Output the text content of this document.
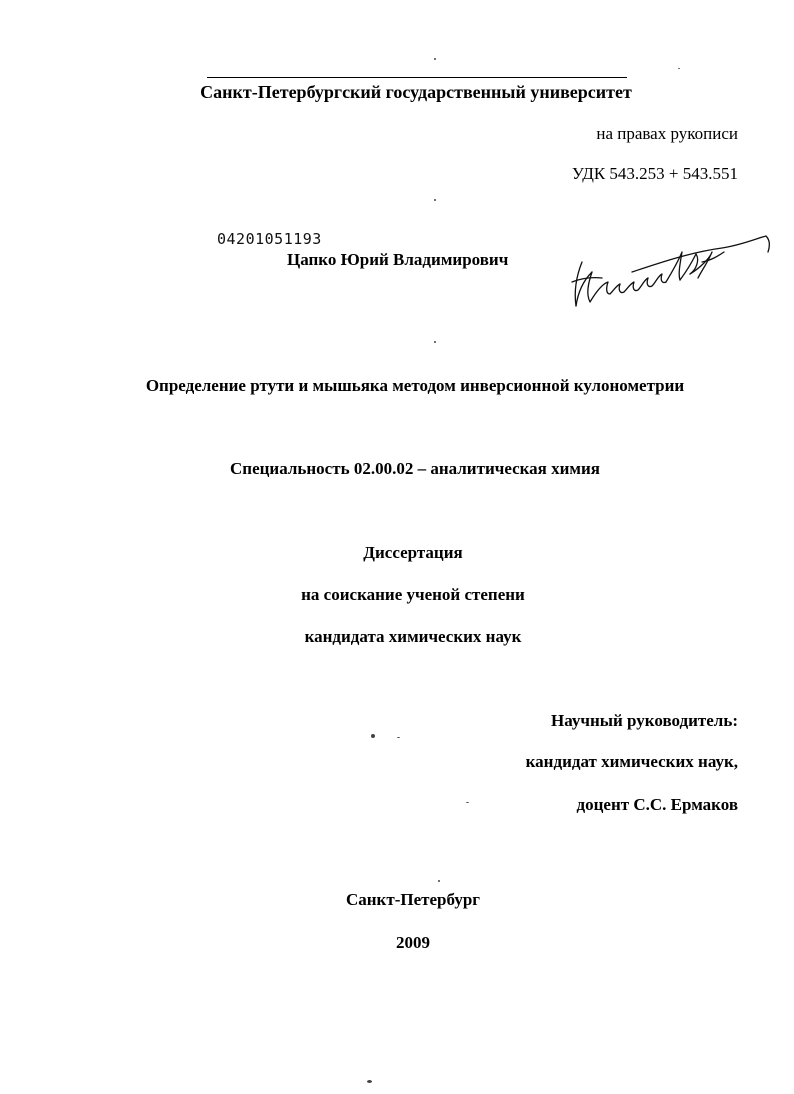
Санкт-Петербургский государственный университет
на правах рукописи
УДК 543.253 + 543.551
04201051193
Цапко Юрий Владимирович
Определение ртути и мышьяка методом инверсионной кулонометрии
Специальность 02.00.02 – аналитическая химия
Диссертация
на соискание ученой степени
кандидата химических наук
Научный руководитель:
кандидат химических наук,
доцент С.С. Ермаков
Санкт-Петербург
2009
